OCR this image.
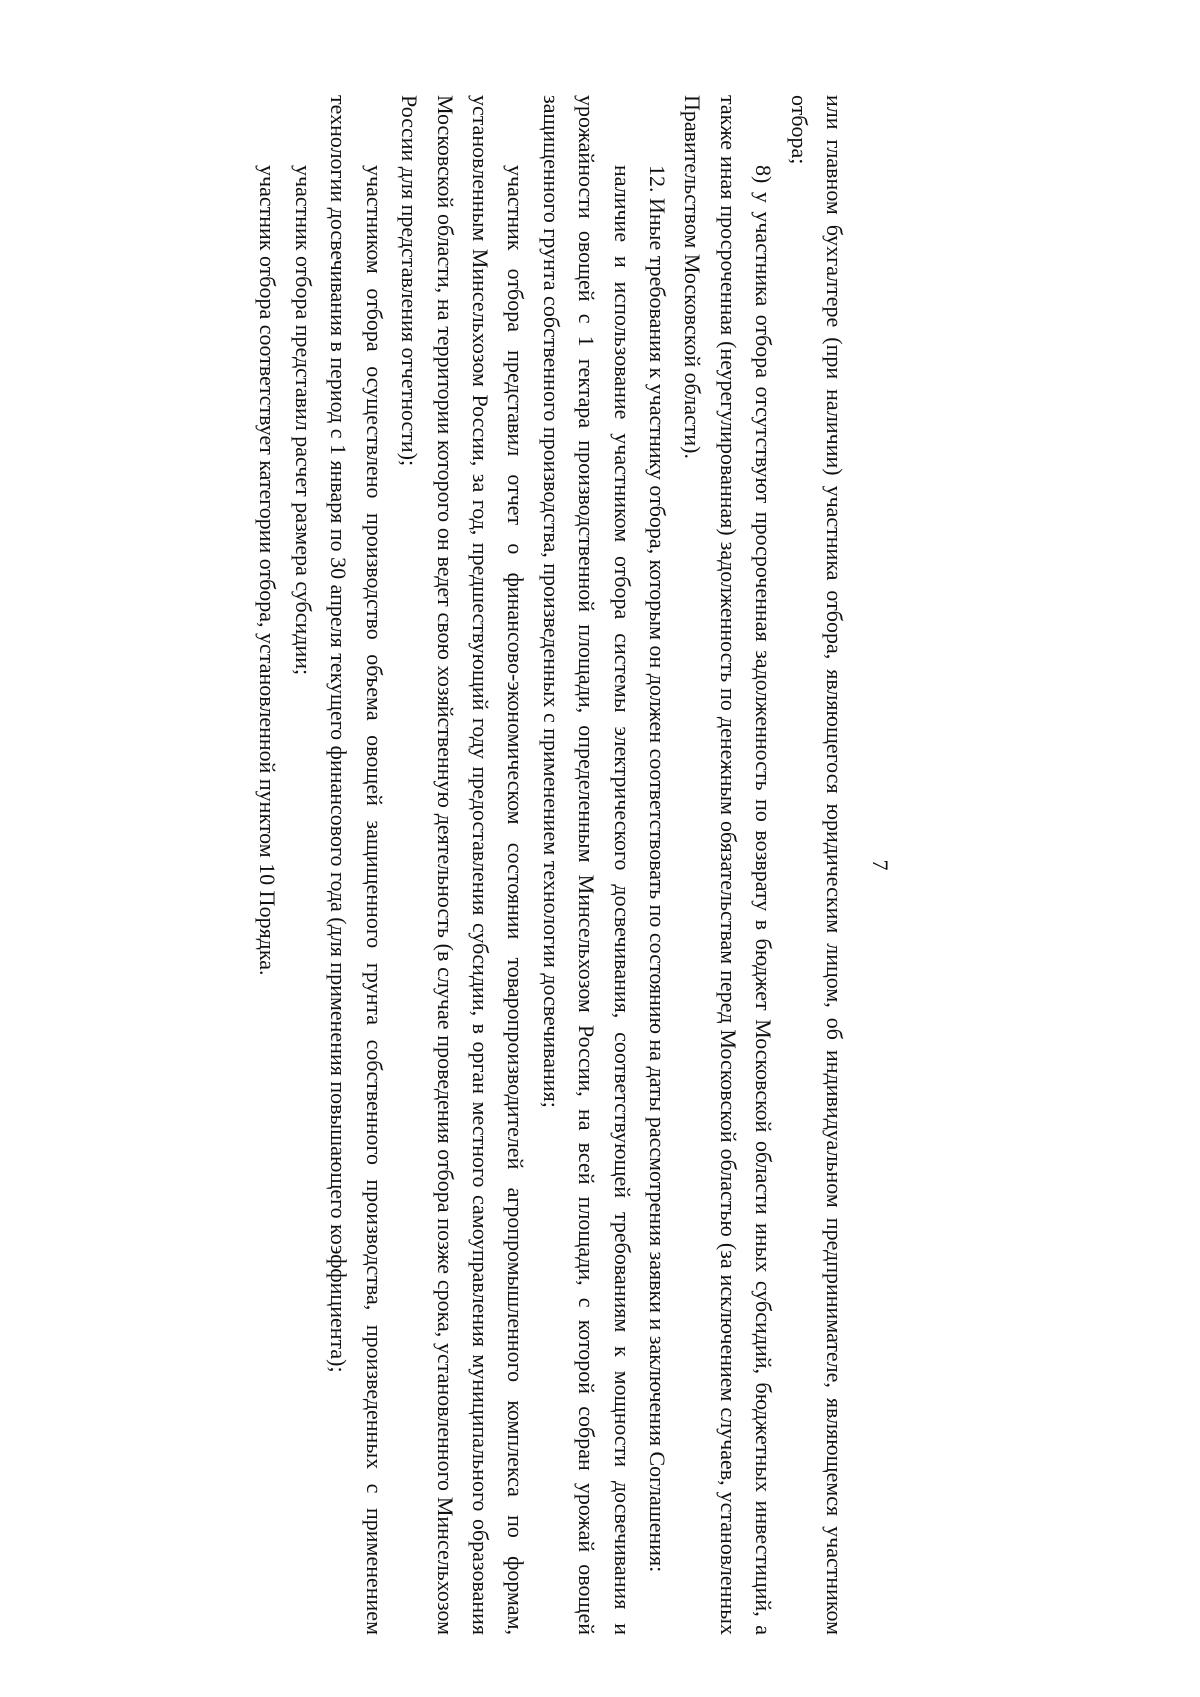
7

или главном бухгалтере (при наличии) участника отбора, являющегося юридическим лицом, об индивидуальном предпринимателе, являющемся участником отбора;

8) у участника отбора отсутствуют просроченная задолженность по возврату в бюджет Московской области иных субсидий, бюджетных инвестиций, а также иная просроченная (неурегулированная) задолженность по денежным обязательствам перед Московской областью (за исключением случаев, установленных Правительством Московской области).

12. Иные требования к участнику отбора, которым он должен соответствовать по состоянию на даты рассмотрения заявки и заключения Соглашения:

наличие и использование участником отбора системы электрического досвечивания, соответствующей требованиям к мощности досвечивания и урожайности овощей с 1 гектара производственной площади, определенным Минсельхозом России, на всей площади, с которой собран урожай овощей защищенного грунта собственного производства, произведенных с применением технологии досвечивания;

участник отбора представил отчет о финансово-экономическом состоянии товаропроизводителей агропромышленного комплекса по формам, установленным Минсельхозом России, за год, предшествующий году предоставления субсидии, в орган местного самоуправления муниципального образования Московской области, на территории которого он ведет свою хозяйственную деятельность (в случае проведения отбора позже срока, установленного Минсельхозом России для представления отчетности);

участником отбора осуществлено производство объема овощей защищенного грунта собственного производства, произведенных с применением технологии досвечивания в период с 1 января по 30 апреля текущего финансового года (для применения повышающего коэффициента);

участник отбора представил расчет размера субсидии;

участник отбора соответствует категории отбора, установленной пунктом 10 Порядка.
